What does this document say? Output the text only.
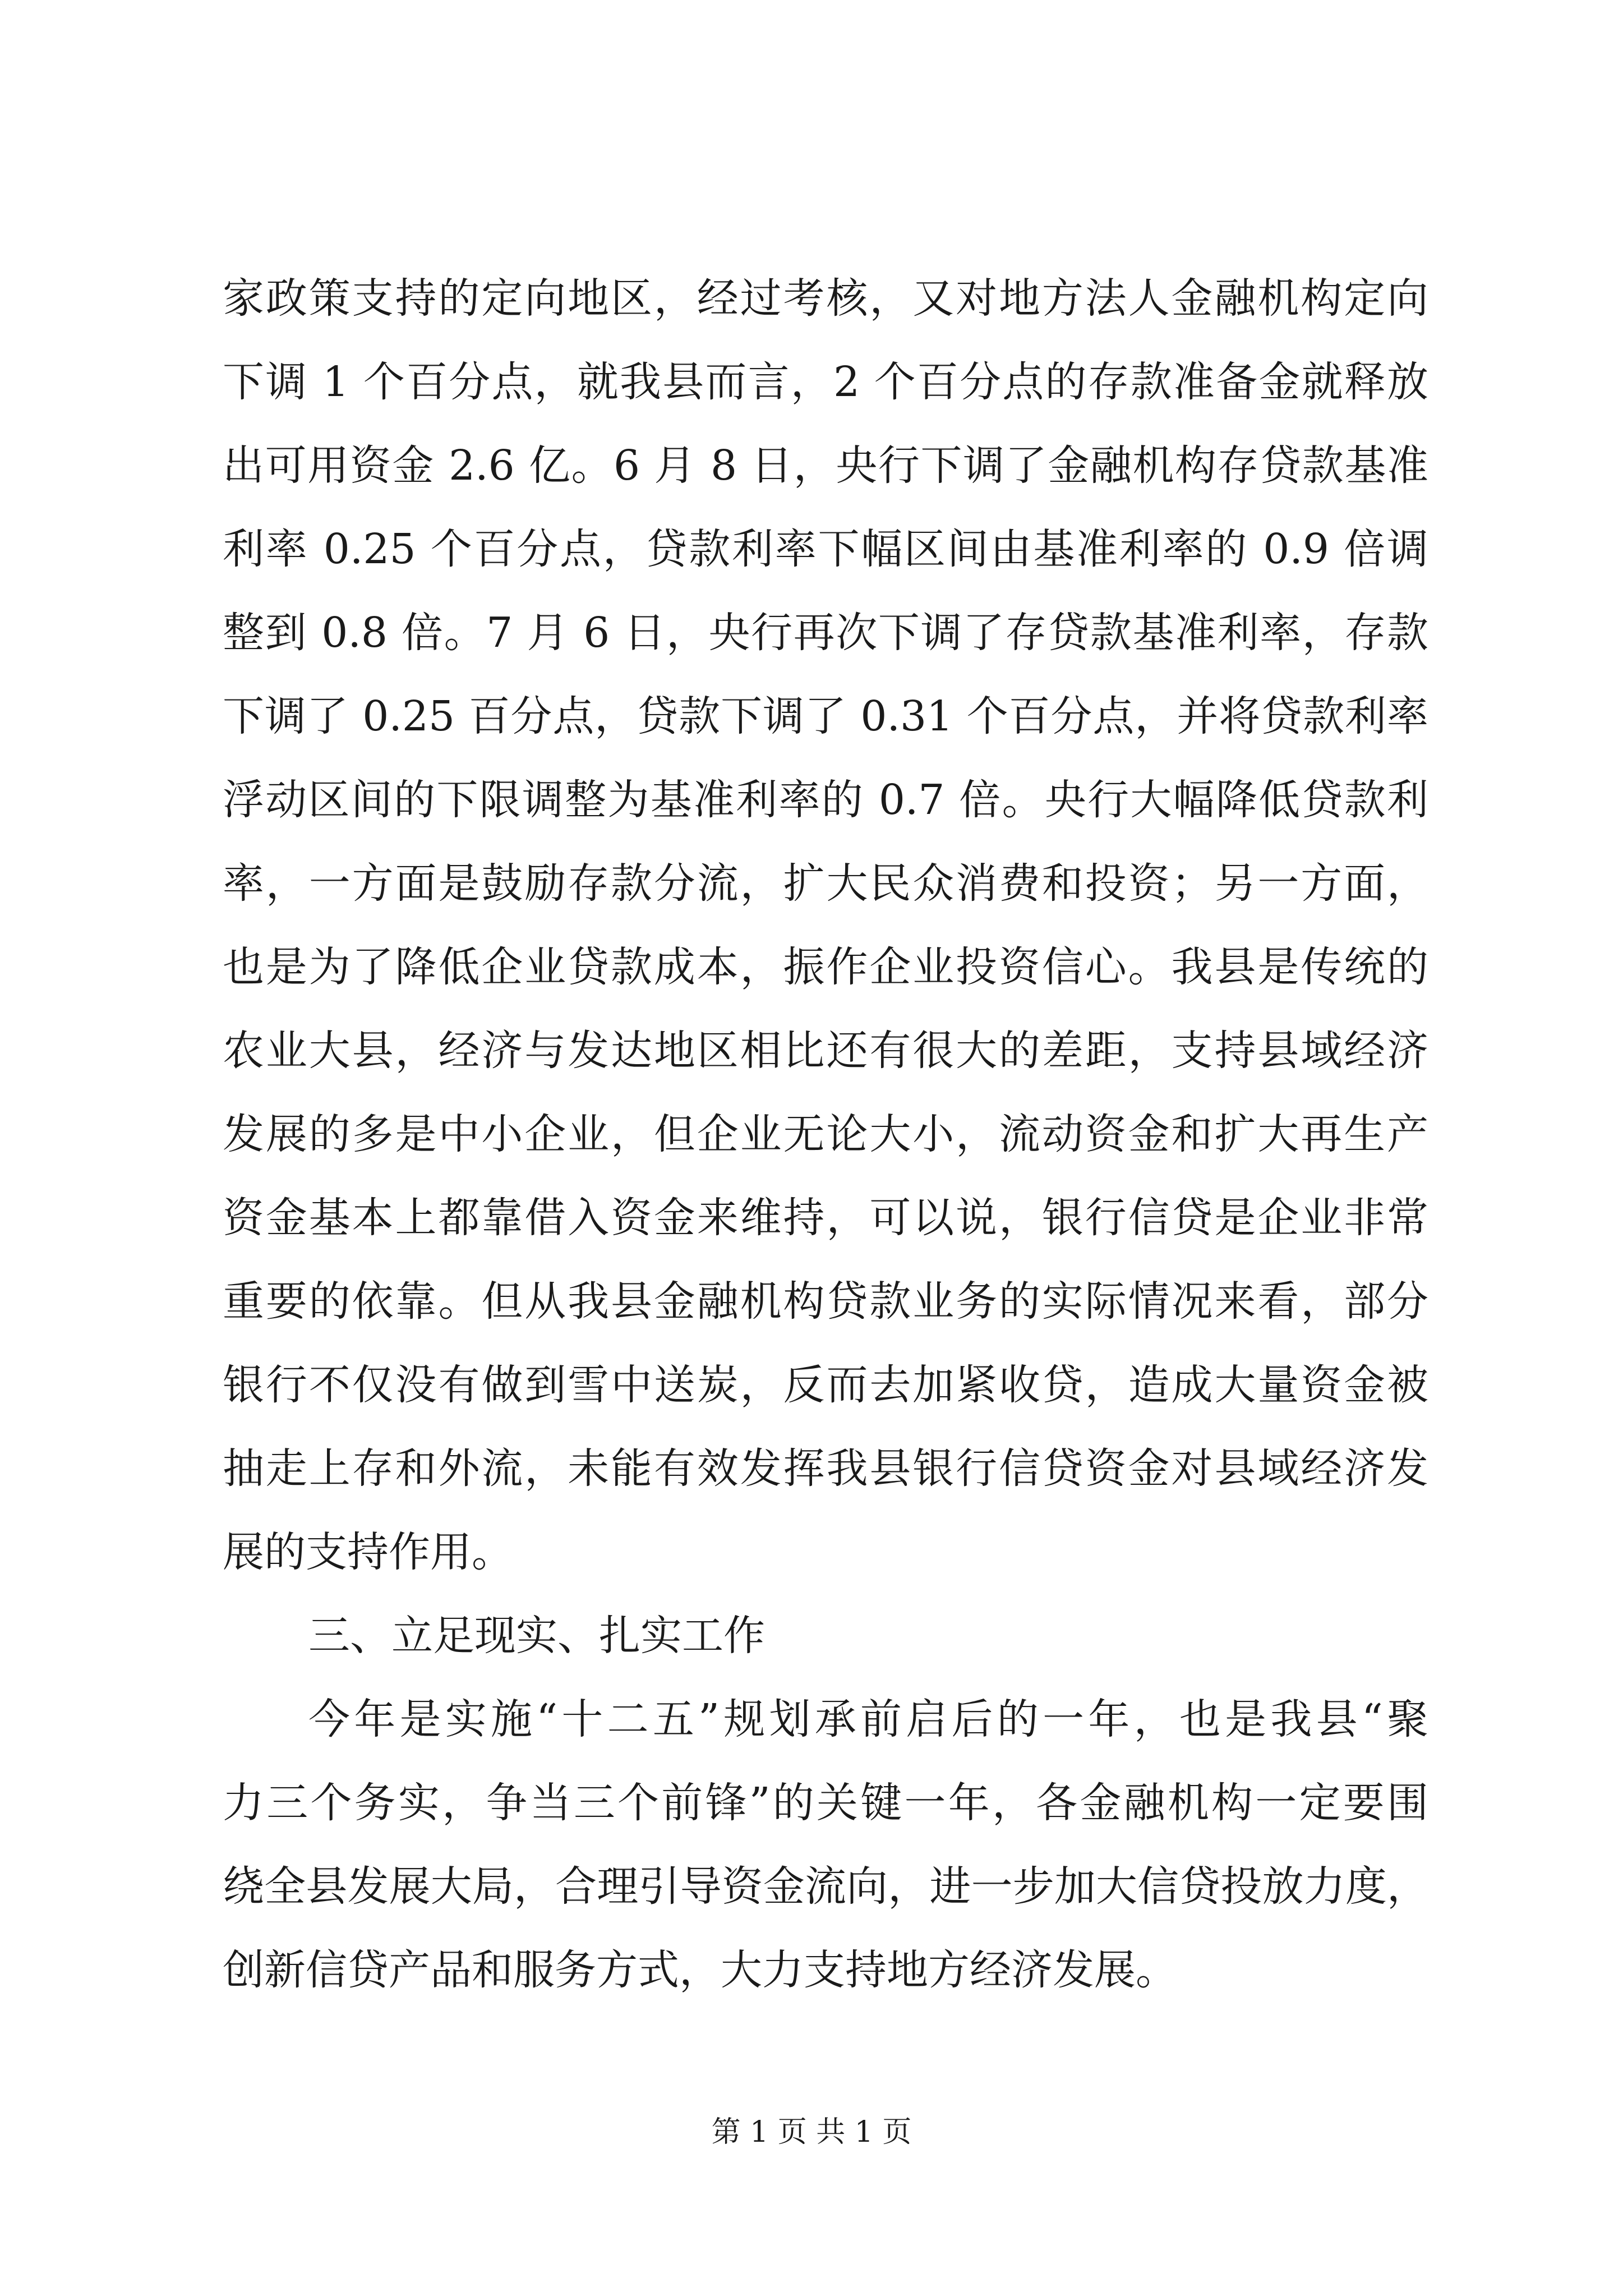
家政策支持的定向地区，经过考核，又对地方法人金融机构定向
下调 1 个百分点，就我县而言，2 个百分点的存款准备金就释放
出可用资金 2.6 亿。6 月 8 日，央行下调了金融机构存贷款基准
利率 0.25 个百分点，贷款利率下幅区间由基准利率的 0.9 倍调
整到 0.8 倍。7 月 6 日，央行再次下调了存贷款基准利率，存款
下调了 0.25 百分点，贷款下调了 0.31 个百分点，并将贷款利率
浮动区间的下限调整为基准利率的 0.7 倍。央行大幅降低贷款利
率，一方面是鼓励存款分流，扩大民众消费和投资；另一方面，
也是为了降低企业贷款成本，振作企业投资信心。我县是传统的
农业大县，经济与发达地区相比还有很大的差距，支持县域经济
发展的多是中小企业，但企业无论大小，流动资金和扩大再生产
资金基本上都靠借入资金来维持，可以说，银行信贷是企业非常
重要的依靠。但从我县金融机构贷款业务的实际情况来看，部分
银行不仅没有做到雪中送炭，反而去加紧收贷，造成大量资金被
抽走上存和外流，未能有效发挥我县银行信贷资金对县域经济发
展的支持作用。
三、立足现实、扎实工作
今年是实施“十二五”规划承前启后的一年，也是我县“聚
力三个务实，争当三个前锋”的关键一年，各金融机构一定要围
绕全县发展大局，合理引导资金流向，进一步加大信贷投放力度，
创新信贷产品和服务方式，大力支持地方经济发展。
第 1 页 共 1 页
